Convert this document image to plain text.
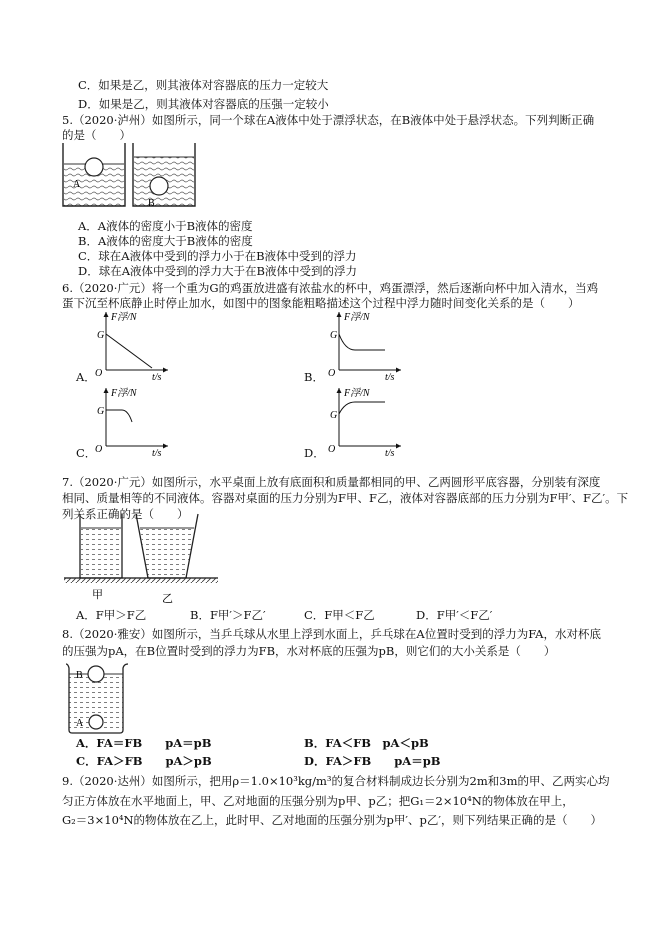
C．如果是乙，则其液体对容器底的压力一定较大
D．如果是乙，则其液体对容器底的压强一定较小
5.（2020·泸州）如图所示，同一个球在A液体中处于漂浮状态，在B液体中处于悬浮状态。下列判断正确
的是（　　）
A
B
A．A液体的密度小于B液体的密度
B．A液体的密度大于B液体的密度
C．球在A液体中受到的浮力小于在B液体中受到的浮力
D．球在A液体中受到的浮力大于在B液体中受到的浮力
6.（2020·广元）将一个重为G的鸡蛋放进盛有浓盐水的杯中，鸡蛋漂浮，然后逐渐向杯中加入清水，当鸡
蛋下沉至杯底静止时停止加水，如图中的图象能粗略描述这个过程中浮力随时间变化关系的是（　　）
F浮/N
G
O	t/s
A．
F浮/N
G
O	t/s
B．
F浮/N
G
O	t/s
C．
F浮/N
G
O	t/s
D．
7.（2020·广元）如图所示，水平桌面上放有底面积和质量都相同的甲、乙两圆形平底容器，分别装有深度
相同、质量相等的不同液体。容器对桌面的压力分别为F甲、F乙，液体对容器底部的压力分别为F甲′、F乙′。下
列关系正确的是（　　）
甲	乙
A．F甲＞F乙	B．F甲′＞F乙′	C．F甲＜F乙	D．F甲′＜F乙′
8.（2020·雅安）如图所示，当乒乓球从水里上浮到水面上，乒乓球在A位置时受到的浮力为FA，水对杯底
的压强为pA，在B位置时受到的浮力为FB，水对杯底的压强为pB，则它们的大小关系是（　　）
B
A
A．FA＝FB　　pA＝pB	B．FA＜FB　pA＜pB
C．FA＞FB　　pA＞pB	D．FA＞FB　　pA＝pB
9.（2020·达州）如图所示，把用ρ＝1.0×10³kg/m³的复合材料制成边长分别为2m和3m的甲、乙两实心均
匀正方体放在水平地面上，甲、乙对地面的压强分别为p甲、p乙；把G₁＝2×10⁴N的物体放在甲上，
G₂＝3×10⁴N的物体放在乙上，此时甲、乙对地面的压强分别为p甲′、p乙′，则下列结果正确的是（　　）
